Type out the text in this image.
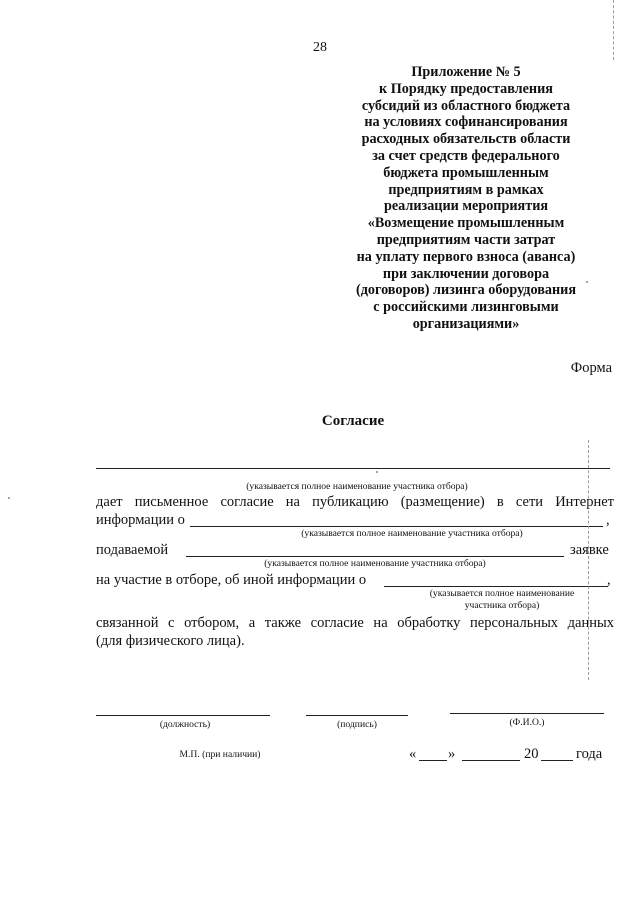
28
Приложение № 5
к Порядку предоставления
субсидий из областного бюджета
на условиях софинансирования
расходных обязательств области
за счет средств федерального
бюджета промышленным
предприятиям в рамках
реализации мероприятия
«Возмещение промышленным
предприятиям части затрат
на уплату первого взноса (аванса)
при заключении договора
(договоров) лизинга оборудования
с российскими лизинговыми
организациями»
Форма
Согласие
(указывается полное наименование участника отбора)
дает письменное согласие на публикацию (размещение) в сети Интернет
информации о	,
(указывается полное наименование участника отбора)
подаваемой	заявке
(указывается полное наименование участника отбора)
на участие в отборе, об иной информации о	,
(указывается полное наименование
участника отбора)
связанной с отбором, а также согласие на обработку персональных данных
(для физического лица).
(должность)	(подпись)	(Ф.И.О.)
М.П. (при наличии)	« »	20	года
